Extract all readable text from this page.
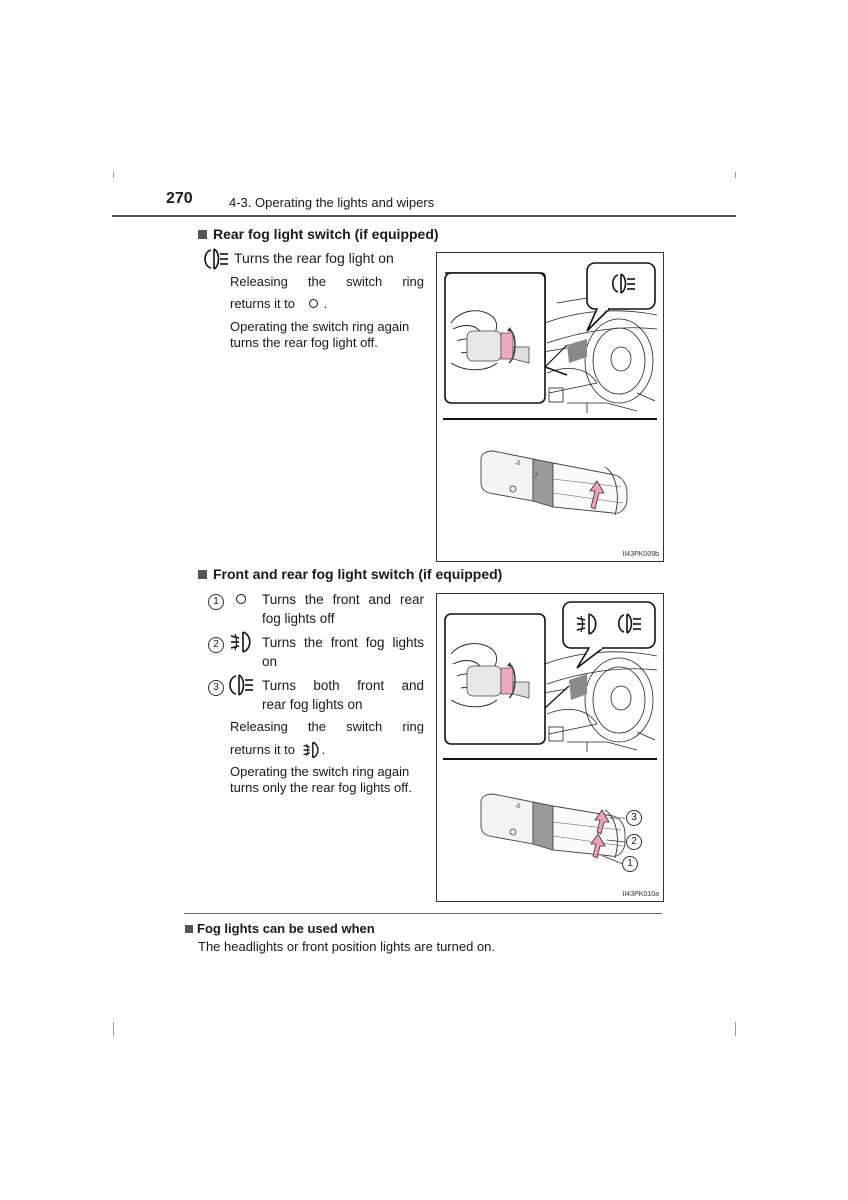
270	4-3. Operating the lights and wipers
Rear fog light switch (if equipped)
Turns the rear fog light on
Releasing the switch ring
returns it to .
Operating the switch ring again turns the rear fog light off.
-0
ƒ
II43PK009b
Front and rear fog light switch (if equipped)
1	Turns the front and rear
fog lights off
2	Turns the front fog lights
on
3	Turns both front and
rear fog lights on
Releasing the switch ring
returns it to .
Operating the switch ring again turns only the rear fog lights off.
-0
3
2
1
II43PK010a
Fog lights can be used when
The headlights or front position lights are turned on.
